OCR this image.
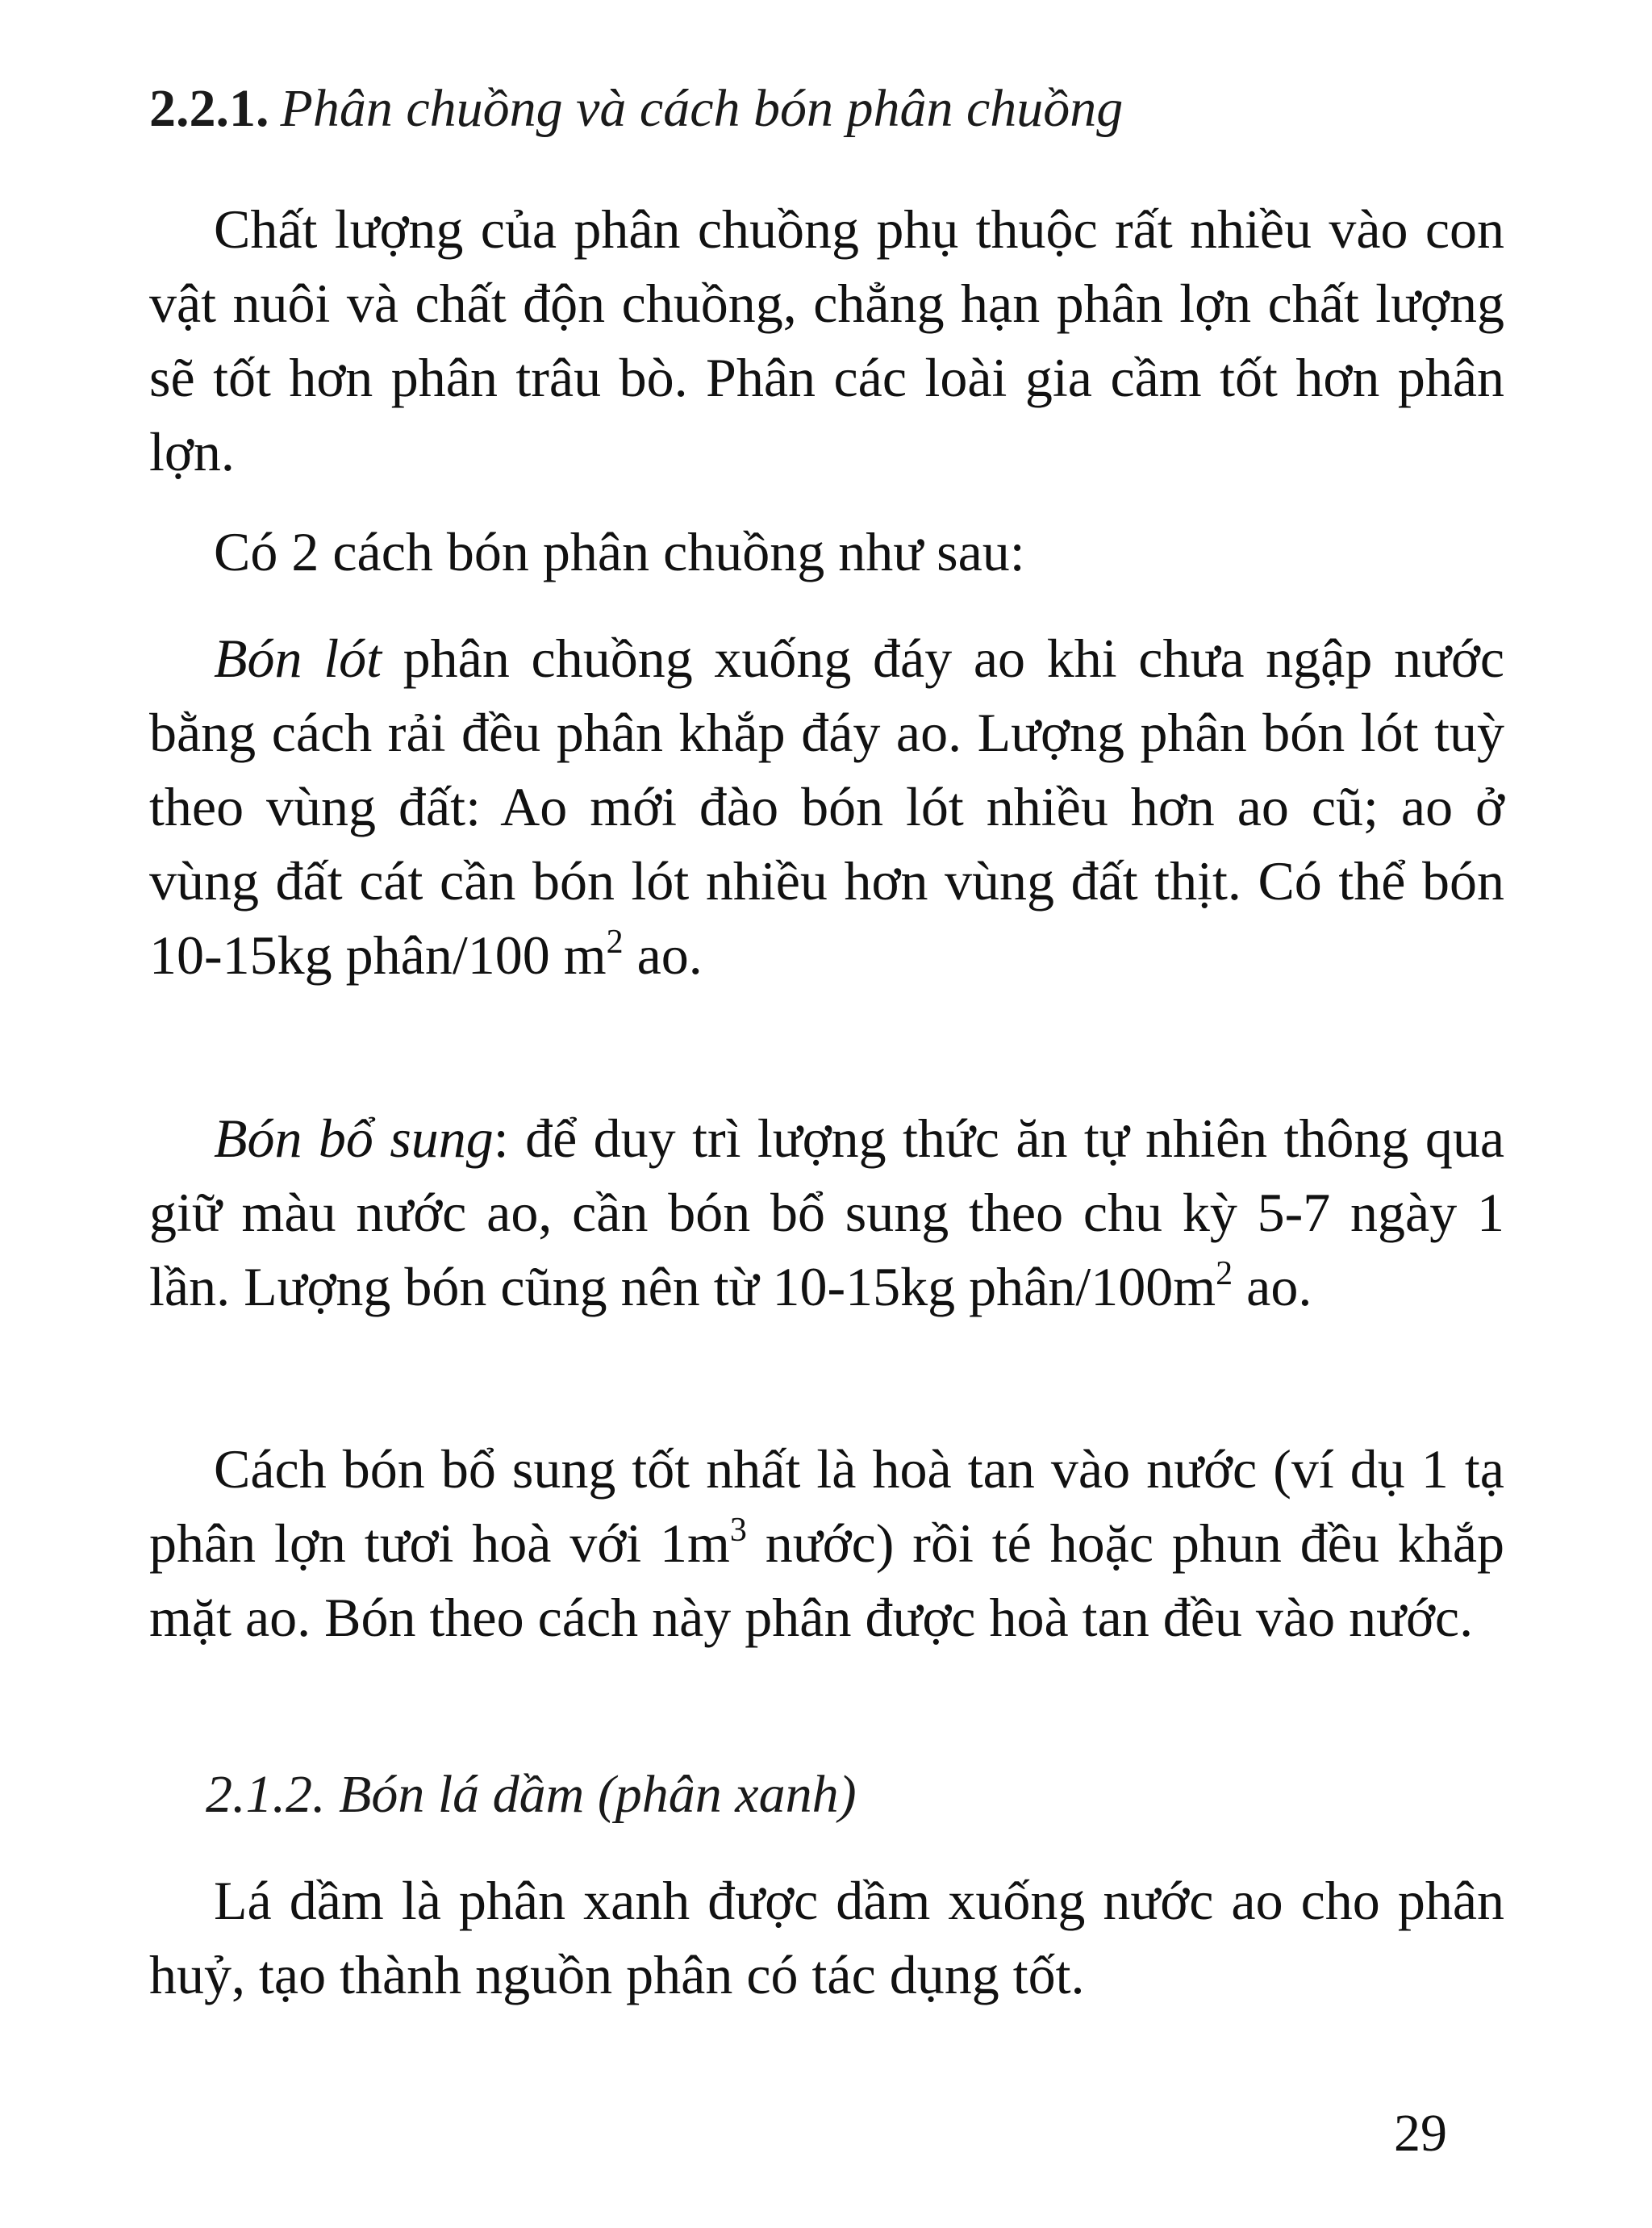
2.2.1. Phân chuồng và cách bón phân chuồng

Chất lượng của phân chuồng phụ thuộc rất nhiều vào con vật nuôi và chất độn chuồng, chẳng hạn phân lợn chất lượng sẽ tốt hơn phân trâu bò. Phân các loài gia cầm tốt hơn phân lợn.

Có 2 cách bón phân chuồng như sau:

Bón lót phân chuồng xuống đáy ao khi chưa ngập nước bằng cách rải đều phân khắp đáy ao. Lượng phân bón lót tuỳ theo vùng đất: Ao mới đào bón lót nhiều hơn ao cũ; ao ở vùng đất cát cần bón lót nhiều hơn vùng đất thịt. Có thể bón 10-15kg phân/100 $m^2$ ao.

Bón bổ sung: để duy trì lượng thức ăn tự nhiên thông qua giữ màu nước ao, cần bón bổ sung theo chu kỳ 5-7 ngày 1 lần. Lượng bón cũng nên từ 10-15kg phân/$100m^2$ ao.

Cách bón bổ sung tốt nhất là hoà tan vào nước (ví dụ 1 tạ phân lợn tươi hoà với $1m^3$ nước) rồi té hoặc phun đều khắp mặt ao. Bón theo cách này phân được hoà tan đều vào nước.

2.1.2. Bón lá dầm (phân xanh)

Lá dầm là phân xanh được dầm xuống nước ao cho phân huỷ, tạo thành nguồn phân có tác dụng tốt.

29
